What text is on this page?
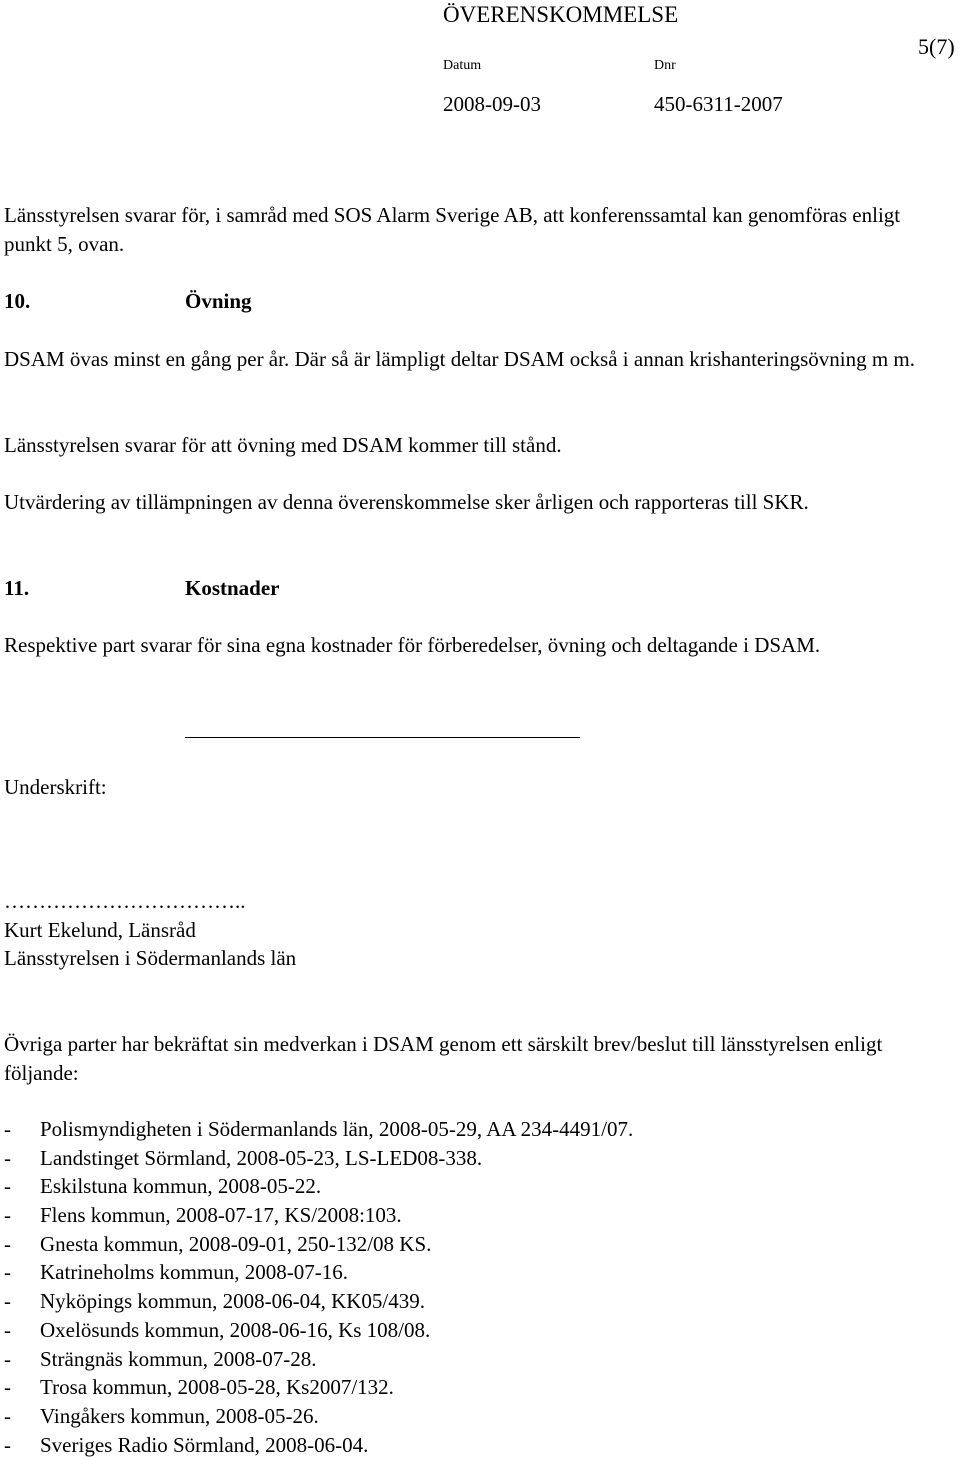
ÖVERENSKOMMELSE
5(7)
Datum	Dnr
2008-09-03	450-6311-2007
Länsstyrelsen svarar för, i samråd med SOS Alarm Sverige AB, att konferenssamtal kan genomföras enligt punkt 5, ovan.
10.	Övning
DSAM övas minst en gång per år. Där så är lämpligt deltar DSAM också i annan krishanteringsövning m m.
Länsstyrelsen svarar för att övning med DSAM kommer till stånd.
Utvärdering av tillämpningen av denna överenskommelse sker årligen och rapporteras till SKR.
11.	Kostnader
Respektive part svarar för sina egna kostnader för förberedelser, övning och deltagande i DSAM.
Underskrift:
……………………………..
Kurt Ekelund, Länsråd
Länsstyrelsen i Södermanlands län
Övriga parter har bekräftat sin medverkan i DSAM genom ett särskilt brev/beslut till länsstyrelsen enligt följande:
- Polismyndigheten i Södermanlands län, 2008-05-29, AA 234-4491/07.
- Landstinget Sörmland, 2008-05-23, LS-LED08-338.
- Eskilstuna kommun, 2008-05-22.
- Flens kommun, 2008-07-17, KS/2008:103.
- Gnesta kommun, 2008-09-01, 250-132/08 KS.
- Katrineholms kommun, 2008-07-16.
- Nyköpings kommun, 2008-06-04, KK05/439.
- Oxelösunds kommun, 2008-06-16, Ks 108/08.
- Strängnäs kommun, 2008-07-28.
- Trosa kommun, 2008-05-28, Ks2007/132.
- Vingåkers kommun, 2008-05-26.
- Sveriges Radio Sörmland, 2008-06-04.
